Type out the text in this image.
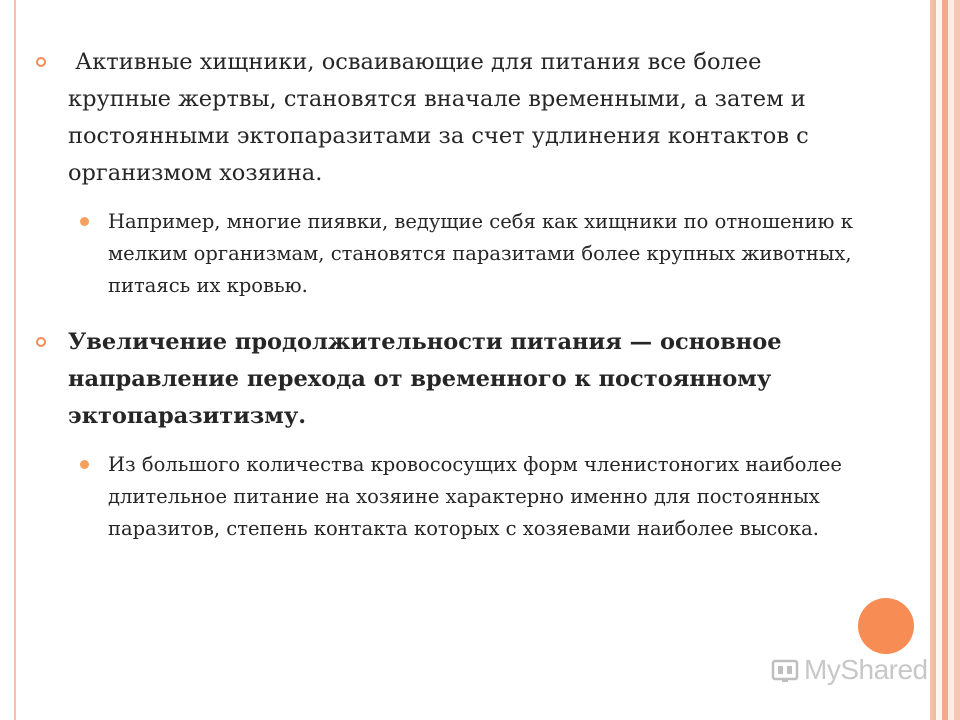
Активные хищники, осваивающие для питания все более крупные жертвы, становятся вначале временными, а затем и постоянными эктопаразитами за счет удлинения контактов с организмом хозяина.
Например, многие пиявки, ведущие себя как хищники по отношению к мелким организмам, становятся паразитами более крупных животных, питаясь их кровью.
Увеличение продолжительности питания — основное направление перехода от временного к постоянному эктопаразитизму.
Из большого количества кровососущих форм членистоногих наиболее длительное питание на хозяине характерно именно для постоянных паразитов, степень контакта которых с хозяевами наиболее высока.
MyShared
